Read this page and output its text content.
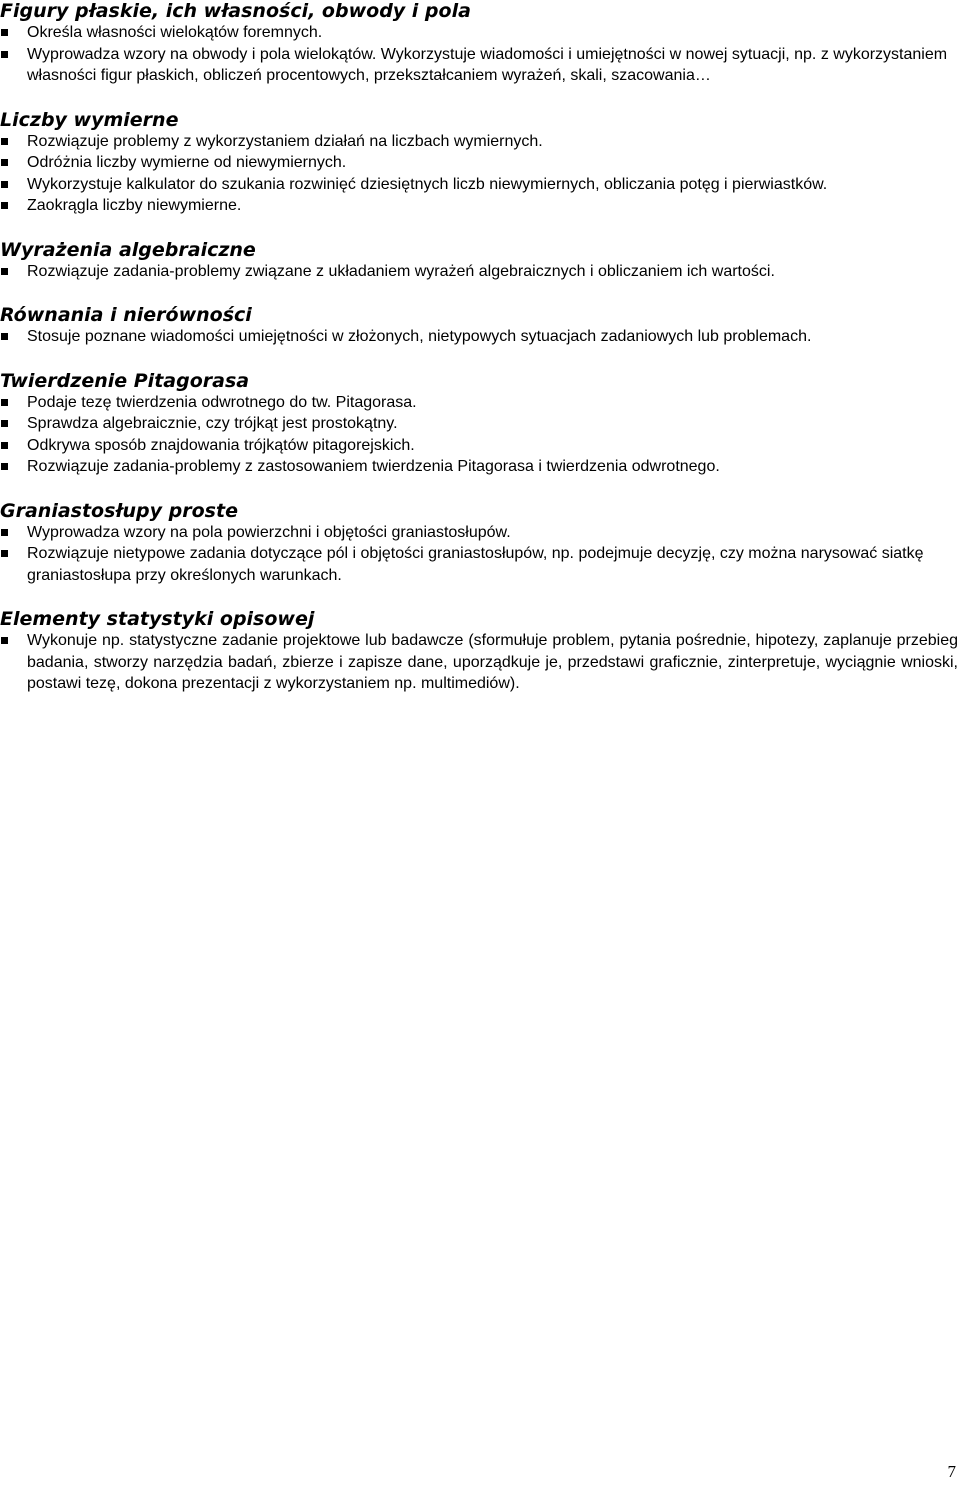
Figury płaskie, ich własności, obwody i pola
Określa własności wielokątów foremnych.
Wyprowadza wzory na obwody i pola wielokątów. Wykorzystuje wiadomości i umiejętności w nowej sytuacji, np. z wykorzystaniem własności figur płaskich, obliczeń procentowych, przekształcaniem wyrażeń, skali, szacowania…
Liczby wymierne
Rozwiązuje problemy z wykorzystaniem działań na liczbach wymiernych.
Odróżnia liczby wymierne od niewymiernych.
Wykorzystuje kalkulator do szukania rozwinięć dziesiętnych liczb niewymiernych, obliczania potęg i pierwiastków.
Zaokrągla liczby niewymierne.
Wyrażenia algebraiczne
Rozwiązuje zadania-problemy związane z układaniem wyrażeń algebraicznych i obliczaniem ich wartości.
Równania i nierówności
Stosuje poznane wiadomości umiejętności w złożonych, nietypowych sytuacjach zadaniowych lub problemach.
Twierdzenie Pitagorasa
Podaje tezę twierdzenia odwrotnego do tw. Pitagorasa.
Sprawdza algebraicznie, czy trójkąt jest prostokątny.
Odkrywa sposób znajdowania trójkątów pitagorejskich.
Rozwiązuje zadania-problemy z zastosowaniem twierdzenia Pitagorasa i twierdzenia odwrotnego.
Graniastosłupy proste
Wyprowadza wzory na pola powierzchni i objętości graniastosłupów.
Rozwiązuje nietypowe zadania dotyczące pól i objętości graniastosłupów, np. podejmuje decyzję, czy można narysować siatkę graniastosłupa przy określonych warunkach.
Elementy statystyki opisowej
Wykonuje np. statystyczne zadanie projektowe lub badawcze (sformułuje problem, pytania pośrednie, hipotezy, zaplanuje przebieg badania, stworzy narzędzia badań, zbierze i zapisze dane, uporządkuje je, przedstawi graficznie, zinterpretuje, wyciągnie wnioski, postawi tezę, dokona prezentacji z wykorzystaniem np. multimediów).
7
